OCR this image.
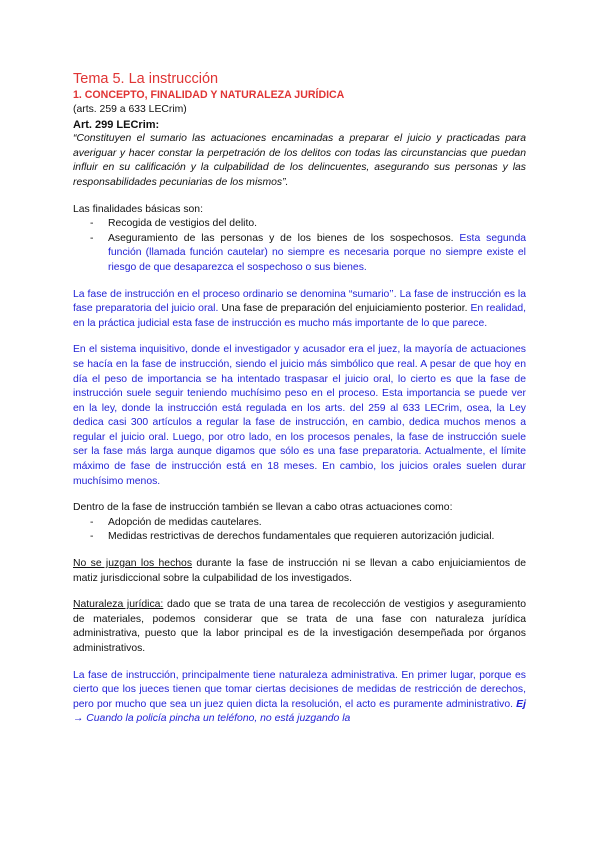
Tema 5. La instrucción
1. CONCEPTO, FINALIDAD Y NATURALEZA JURÍDICA
(arts. 259 a 633 LECrim)
Art. 299 LECrim:

“Constituyen el sumario las actuaciones encaminadas a preparar el juicio y practicadas para averiguar y hacer constar la perpetración de los delitos con todas las circunstancias que puedan influir en su calificación y la culpabilidad de los delincuentes, asegurando sus personas y las responsabilidades pecuniarias de los mismos”.

Las finalidades básicas son:
- Recogida de vestigios del delito.
- Aseguramiento de las personas y de los bienes de los sospechosos. Esta segunda función (llamada función cautelar) no siempre es necesaria porque no siempre existe el riesgo de que desaparezca el sospechoso o sus bienes.

La fase de instrucción en el proceso ordinario se denomina “sumario’’. La fase de instrucción es la fase preparatoria del juicio oral. Una fase de preparación del enjuiciamiento posterior. En realidad, en la práctica judicial esta fase de instrucción es mucho más importante de lo que parece.

En el sistema inquisitivo, donde el investigador y acusador era el juez, la mayoría de actuaciones se hacía en la fase de instrucción, siendo el juicio más simbólico que real. A pesar de que hoy en día el peso de importancia se ha intentado traspasar el juicio oral, lo cierto es que la fase de instrucción suele seguir teniendo muchísimo peso en el proceso. Esta importancia se puede ver en la ley, donde la instrucción está regulada en los arts. del 259 al 633 LECrim, osea, la Ley dedica casi 300 artículos a regular la fase de instrucción, en cambio, dedica muchos menos a regular el juicio oral. Luego, por otro lado, en los procesos penales, la fase de instrucción suele ser la fase más larga aunque digamos que sólo es una fase preparatoria. Actualmente, el límite máximo de fase de instrucción está en 18 meses. En cambio, los juicios orales suelen durar muchísimo menos.

Dentro de la fase de instrucción también se llevan a cabo otras actuaciones como:
- Adopción de medidas cautelares.
- Medidas restrictivas de derechos fundamentales que requieren autorización judicial.

No se juzgan los hechos durante la fase de instrucción ni se llevan a cabo enjuiciamientos de matiz jurisdiccional sobre la culpabilidad de los investigados.

Naturaleza jurídica: dado que se trata de una tarea de recolección de vestigios y aseguramiento de materiales, podemos considerar que se trata de una fase con naturaleza jurídica administrativa, puesto que la labor principal es de la investigación desempeñada por órganos administrativos.

La fase de instrucción, principalmente tiene naturaleza administrativa. En primer lugar, porque es cierto que los jueces tienen que tomar ciertas decisiones de medidas de restricción de derechos, pero por mucho que sea un juez quien dicta la resolución, el acto es puramente administrativo. Ej → Cuando la policía pincha un teléfono, no está juzgando la
